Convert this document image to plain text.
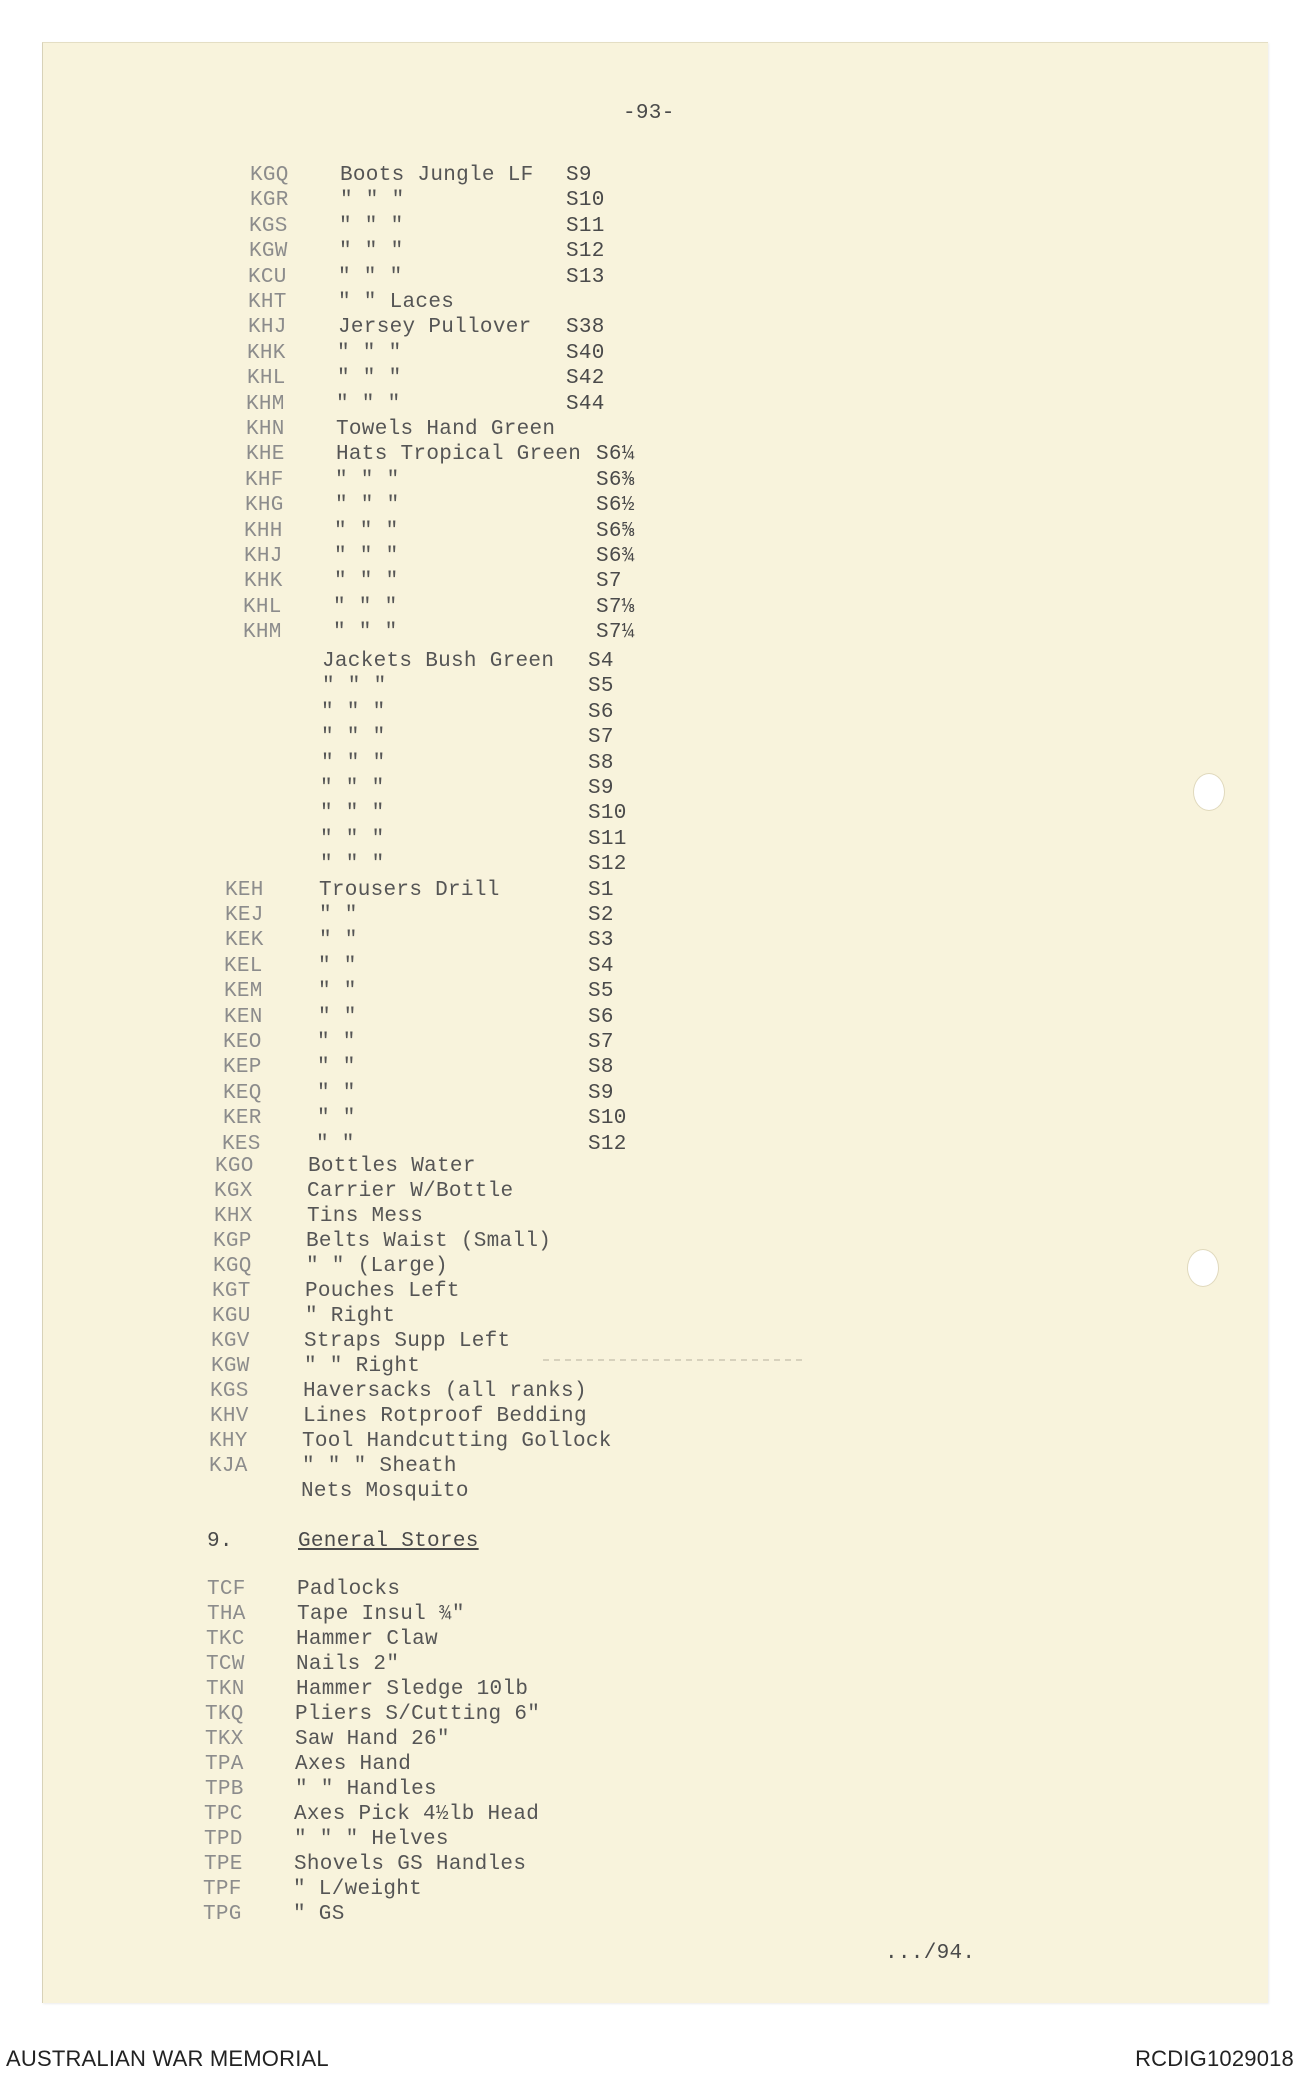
-93-
KGQ Boots Jungle LF S9
KGR " " "	S10
KGS " " "	S11
KGW " " "	S12
KCU " " "	S13
KHT " " Laces
KHJ Jersey Pullover S38
KHK " " "	S40
KHL " " "	S42
KHM " " "	S44
KHN Towels Hand Green
KHE Hats Tropical Green S6¼
KHF " " "	S6⅜
KHG " " "	S6½
KHH " " "	S6⅝
KHJ " " "	S6¾
KHK " " "	S7
KHL " " "	S7⅛
KHM " " "	S7¼
Jackets Bush Green S4
" " "	S5
" " "	S6
" " "	S7
" " "	S8
" " "	S9
" " "	S10
" " "	S11
" " "	S12
KEH	Trousers Drill	S1
KEJ	" "	S2
KEK	" "	S3
KEL	" "	S4
KEM	" "	S5
KEN	" "	S6
KEO	" "	S7
KEP	" "	S8
KEQ	" "	S9
KER	" "	S10
KES	" "	S12
KGO	Bottles Water
KGX	Carrier W/Bottle
KHX	Tins Mess
KGP	Belts Waist (Small)
KGQ	" " (Large)
KGT	Pouches Left
KGU	" Right
KGV	Straps Supp Left
KGW	" " Right
KGS	Haversacks (all ranks)
KHV	Lines Rotproof Bedding
KHY	Tool Handcutting Gollock
KJA	" " " Sheath
Nets Mosquito
9.	General Stores
TCF Padlocks
THA Tape Insul ¾"
TKC Hammer Claw
TCW Nails 2"
TKN Hammer Sledge 10lb
TKQ Pliers S/Cutting 6"
TKX Saw Hand 26"
TPA Axes Hand
TPB " " Handles
TPC Axes Pick 4½lb Head
TPD " " " Helves
TPE Shovels GS Handles
TPF " L/weight
TPG " GS
.../94.
AUSTRALIAN WAR MEMORIAL	RCDIG1029018
